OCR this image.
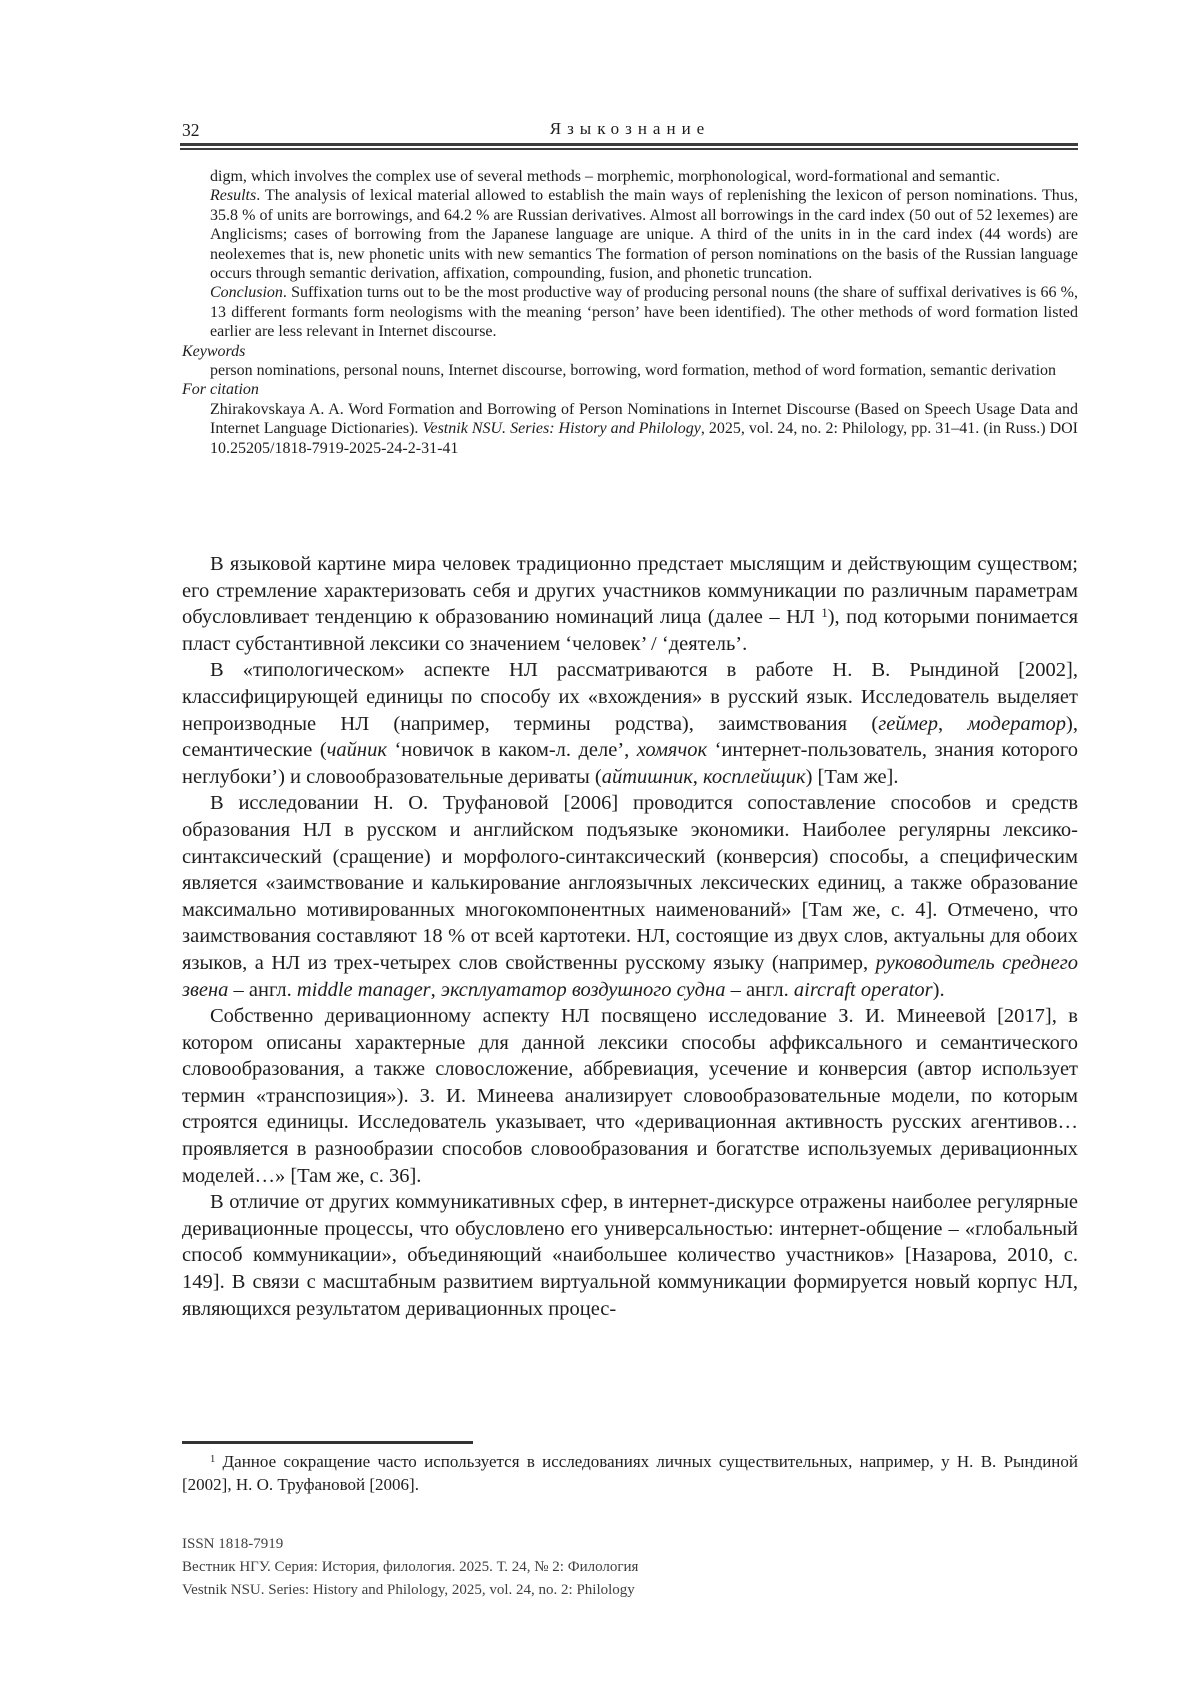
32	Языкознание
digm, which involves the complex use of several methods – morphemic, morphonological, word-formational and semantic.
Results. The analysis of lexical material allowed to establish the main ways of replenishing the lexicon of person nominations. Thus, 35.8 % of units are borrowings, and 64.2 % are Russian derivatives. Almost all borrowings in the card index (50 out of 52 lexemes) are Anglicisms; cases of borrowing from the Japanese language are unique. A third of the units in in the card index (44 words) are neolexemes that is, new phonetic units with new semantics The formation of person nominations on the basis of the Russian language occurs through semantic derivation, affixation, compounding, fusion, and phonetic truncation.
Conclusion. Suffixation turns out to be the most productive way of producing personal nouns (the share of suffixal derivatives is 66 %, 13 different formants form neologisms with the meaning ‘person’ have been identified). The other methods of word formation listed earlier are less relevant in Internet discourse.
Keywords
person nominations, personal nouns, Internet discourse, borrowing, word formation, method of word formation, semantic derivation
For citation
Zhirakovskaya A. A. Word Formation and Borrowing of Person Nominations in Internet Discourse (Based on Speech Usage Data and Internet Language Dictionaries). Vestnik NSU. Series: History and Philology, 2025, vol. 24, no. 2: Philology, pp. 31–41. (in Russ.) DOI 10.25205/1818-7919-2025-24-2-31-41

В языковой картине мира человек традиционно предстает мыслящим и действующим существом; его стремление характеризовать себя и других участников коммуникации по различным параметрам обусловливает тенденцию к образованию номинаций лица (далее – НЛ $^1$), под которыми понимается пласт субстантивной лексики со значением ‘человек’ / ‘деятель’.

В «типологическом» аспекте НЛ рассматриваются в работе Н. В. Рындиной [2002], классифицирующей единицы по способу их «вхождения» в русский язык. Исследователь выделяет непроизводные НЛ (например, термины родства), заимствования (геймер, модератор), семантические (чайник ‘новичок в каком-л. деле’, хомячок ‘интернет-пользователь, знания которого неглубоки’) и словообразовательные дериваты (айтишник, косплейщик) [Там же].

В исследовании Н. О. Труфановой [2006] проводится сопоставление способов и средств образования НЛ в русском и английском подъязыке экономики. Наиболее регулярны лексико-синтаксический (сращение) и морфолого-синтаксический (конверсия) способы, а специфическим является «заимствование и калькирование англоязычных лексических единиц, а также образование максимально мотивированных многокомпонентных наименований» [Там же, с. 4]. Отмечено, что заимствования составляют 18 % от всей картотеки. НЛ, состоящие из двух слов, актуальны для обоих языков, а НЛ из трех-четырех слов свойственны русскому языку (например, руководитель среднего звена – англ. middle manager, эксплуататор воздушного судна – англ. aircraft operator).

Собственно деривационному аспекту НЛ посвящено исследование З. И. Минеевой [2017], в котором описаны характерные для данной лексики способы аффиксального и семантического словообразования, а также словосложение, аббревиация, усечение и конверсия (автор использует термин «транспозиция»). З. И. Минеева анализирует словообразовательные модели, по которым строятся единицы. Исследователь указывает, что «деривационная активность русских агентивов… проявляется в разнообразии способов словообразования и богатстве используемых деривационных моделей…» [Там же, с. 36].

В отличие от других коммуникативных сфер, в интернет-дискурсе отражены наиболее регулярные деривационные процессы, что обусловлено его универсальностью: интернет-общение – «глобальный способ коммуникации», объединяющий «наибольшее количество участников» [Назарова, 2010, с. 149]. В связи с масштабным развитием виртуальной коммуникации формируется новый корпус НЛ, являющихся результатом деривационных процес-

$^1$ Данное сокращение часто используется в исследованиях личных существительных, например, у Н. В. Рындиной [2002], Н. О. Труфановой [2006].

ISSN 1818-7919
Вестник НГУ. Серия: История, филология. 2025. Т. 24, № 2: Филология
Vestnik NSU. Series: History and Philology, 2025, vol. 24, no. 2: Philology
